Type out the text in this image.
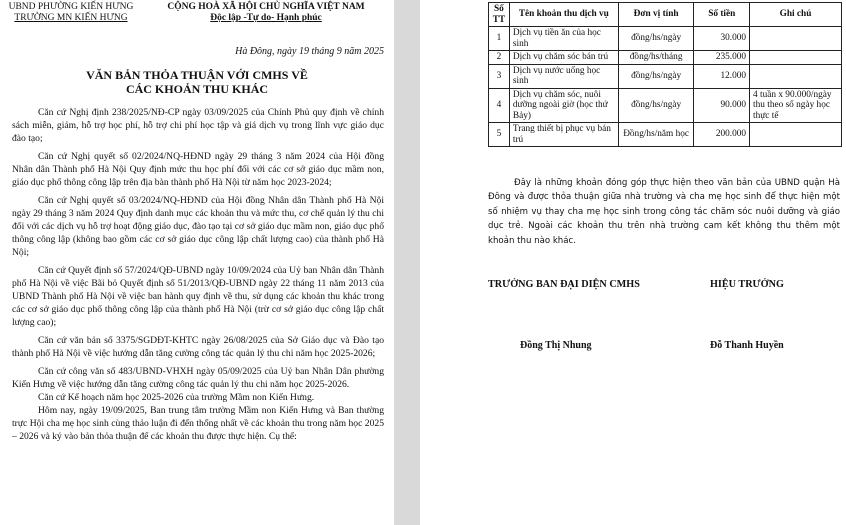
UBND PHƯỜNG KIẾN HƯNG
TRƯỜNG MN KIẾN HƯNG
CỘNG HOÀ XÃ HỘI CHỦ NGHĨA VIỆT NAM
Độc lập -Tự do- Hạnh phúc
Hà Đông, ngày 19 tháng 9 năm 2025
VĂN BẢN THỎA THUẬN VỚI CMHS VỀ
CÁC KHOẢN THU KHÁC

Căn cứ Nghị định 238/2025/NĐ-CP ngày 03/09/2025 của Chính Phủ quy định về chính sách miễn, giảm, hỗ trợ học phí, hỗ trợ chi phí học tập và giá dịch vụ trong lĩnh vực giáo dục đào tạo;

Căn cứ Nghị quyết số 02/2024/NQ-HĐND ngày 29 tháng 3 năm 2024 của Hội đồng Nhân dân Thành phố Hà Nội Quy định mức thu học phí đối với các cơ sở giáo dục mầm non, giáo dục phổ thông công lập trên địa bàn thành phố Hà Nội từ năm học 2023-2024;

Căn cứ Nghị quyết số 03/2024/NQ-HĐND của Hội đồng Nhân dân Thành phố Hà Nội ngày 29 tháng 3 năm 2024 Quy định danh mục các khoản thu và mức thu, cơ chế quản lý thu chi đối với các dịch vụ hỗ trợ hoạt động giáo dục, đào tạo tại cơ sở giáo dục mầm non, giáo dục phổ thông công lập (không bao gồm các cơ sở giáo dục công lập chất lượng cao) của thành phố Hà Nội;

Căn cứ Quyết định số 57/2024/QĐ-UBND ngày 10/09/2024 của Uỷ ban Nhân dân Thành phố Hà Nội về việc Bãi bỏ Quyết định số 51/2013/QĐ-UBND ngày 22 tháng 11 năm 2013 của UBND Thành phố Hà Nội về việc ban hành quy định về thu, sử dụng các khoản thu khác trong các cơ sở giáo dục phổ thông công lập của thành phố Hà Nội (trừ cơ sở giáo dục công lập chất lượng cao);

Căn cứ văn bản số 3375/SGDĐT-KHTC ngày 26/08/2025 của Sở Giáo dục và Đào tạo thành phố Hà Nội về việc hướng dẫn tăng cường công tác quản lý thu chi năm học 2025-2026;

Căn cứ công văn số 483/UBND-VHXH ngày 05/09/2025 của Uỷ ban Nhân Dân phường Kiến Hưng về việc hướng dẫn tăng cường công tác quản lý thu chi năm học 2025-2026.

Căn cứ Kế hoạch năm học 2025-2026 của trường Mầm non Kiến Hưng.

Hôm nay, ngày 19/09/2025, Ban trung tâm trường Mầm non Kiến Hưng và Ban thường trực Hội cha mẹ học sinh cùng thảo luận đi đến thống nhất về các khoản thu trong năm học 2025 – 2026 và ký vào bản thỏa thuận để các khoản thu được thực hiện. Cụ thể:

Số TT	Tên khoản thu dịch vụ	Đơn vị tính	Số tiền	Ghi chú
1	Dịch vụ tiền ăn của học sinh	đồng/hs/ngày	30.000	
2	Dịch vụ chăm sóc bán trú	đồng/hs/tháng	235.000	
3	Dịch vụ nước uống học sinh	đồng/hs/ngày	12.000	
4	Dịch vụ chăm sóc, nuôi dưỡng ngoài giờ (học thứ Bảy)	đồng/hs/ngày	90.000	4 tuần x 90.000/ngày thu theo số ngày học thực tế
5	Trang thiết bị phục vụ bán trú	Đồng/hs/năm học	200.000	
Đây là những khoản đóng góp thực hiện theo văn bản của UBND quận Hà Đông và được thỏa thuận giữa nhà trường và cha mẹ học sinh để thực hiện một số nhiệm vụ thay cha mẹ học sinh trong công tác chăm sóc nuôi dưỡng và giáo dục trẻ. Ngoài các khoản thu trên nhà trường cam kết không thu thêm một khoản thu nào khác.
TRƯỞNG BAN ĐẠI DIỆN CMHS	HIỆU TRƯỞNG
Đồng Thị Nhung	Đỗ Thanh Huyền
